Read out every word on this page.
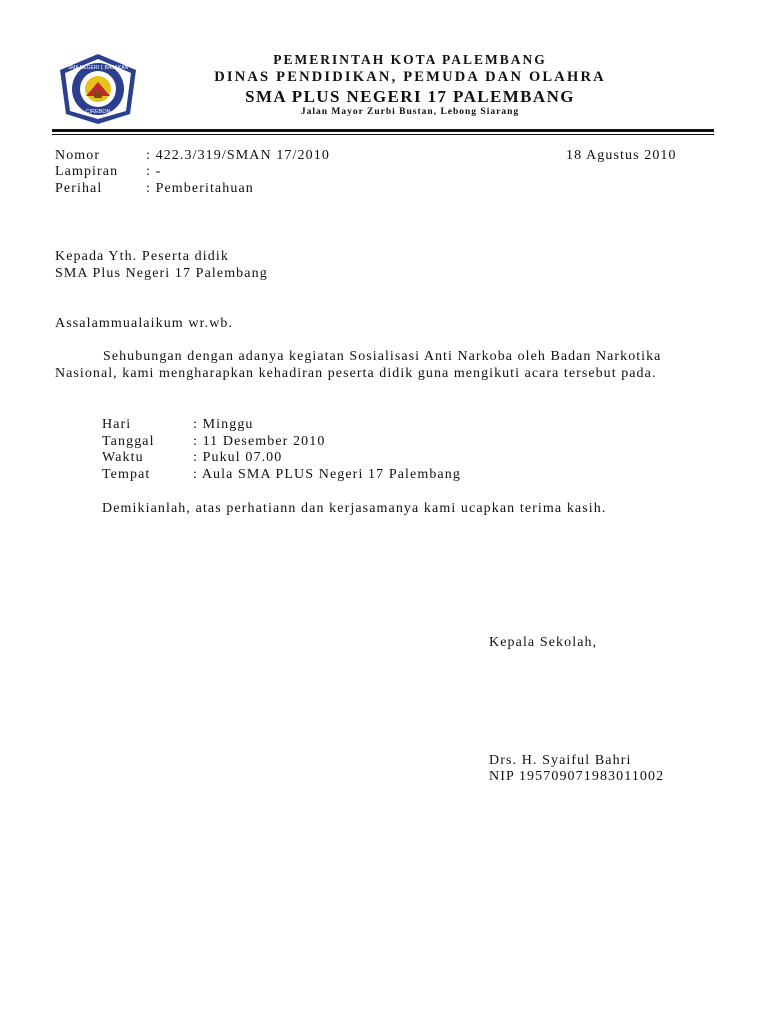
SMA NEGERI 1 BABAKAN
CIREBON
PEMERINTAH KOTA PALEMBANG
DINAS PENDIDIKAN, PEMUDA DAN OLAHRA
SMA PLUS NEGERI 17 PALEMBANG
Jalan Mayor Zurbi Bustan, Lebong Siarang
Nomor	: 422.3/319/SMAN 17/2010	18 Agustus 2010
Lampiran : -
Perihal	: Pemberitahuan
Kepada Yth. Peserta didik
SMA Plus Negeri 17 Palembang
Assalammualaikum wr.wb.
Sehubungan dengan adanya kegiatan Sosialisasi Anti Narkoba oleh Badan Narkotika Nasional, kami mengharapkan kehadiran peserta didik guna mengikuti acara tersebut pada.
Hari	: Minggu
Tanggal	: 11 Desember 2010
Waktu	: Pukul 07.00
Tempat	: Aula SMA PLUS Negeri 17 Palembang
Demikianlah, atas perhatiann dan kerjasamanya kami ucapkan terima kasih.
Kepala Sekolah,
Drs. H. Syaiful Bahri
NIP 195709071983011002
